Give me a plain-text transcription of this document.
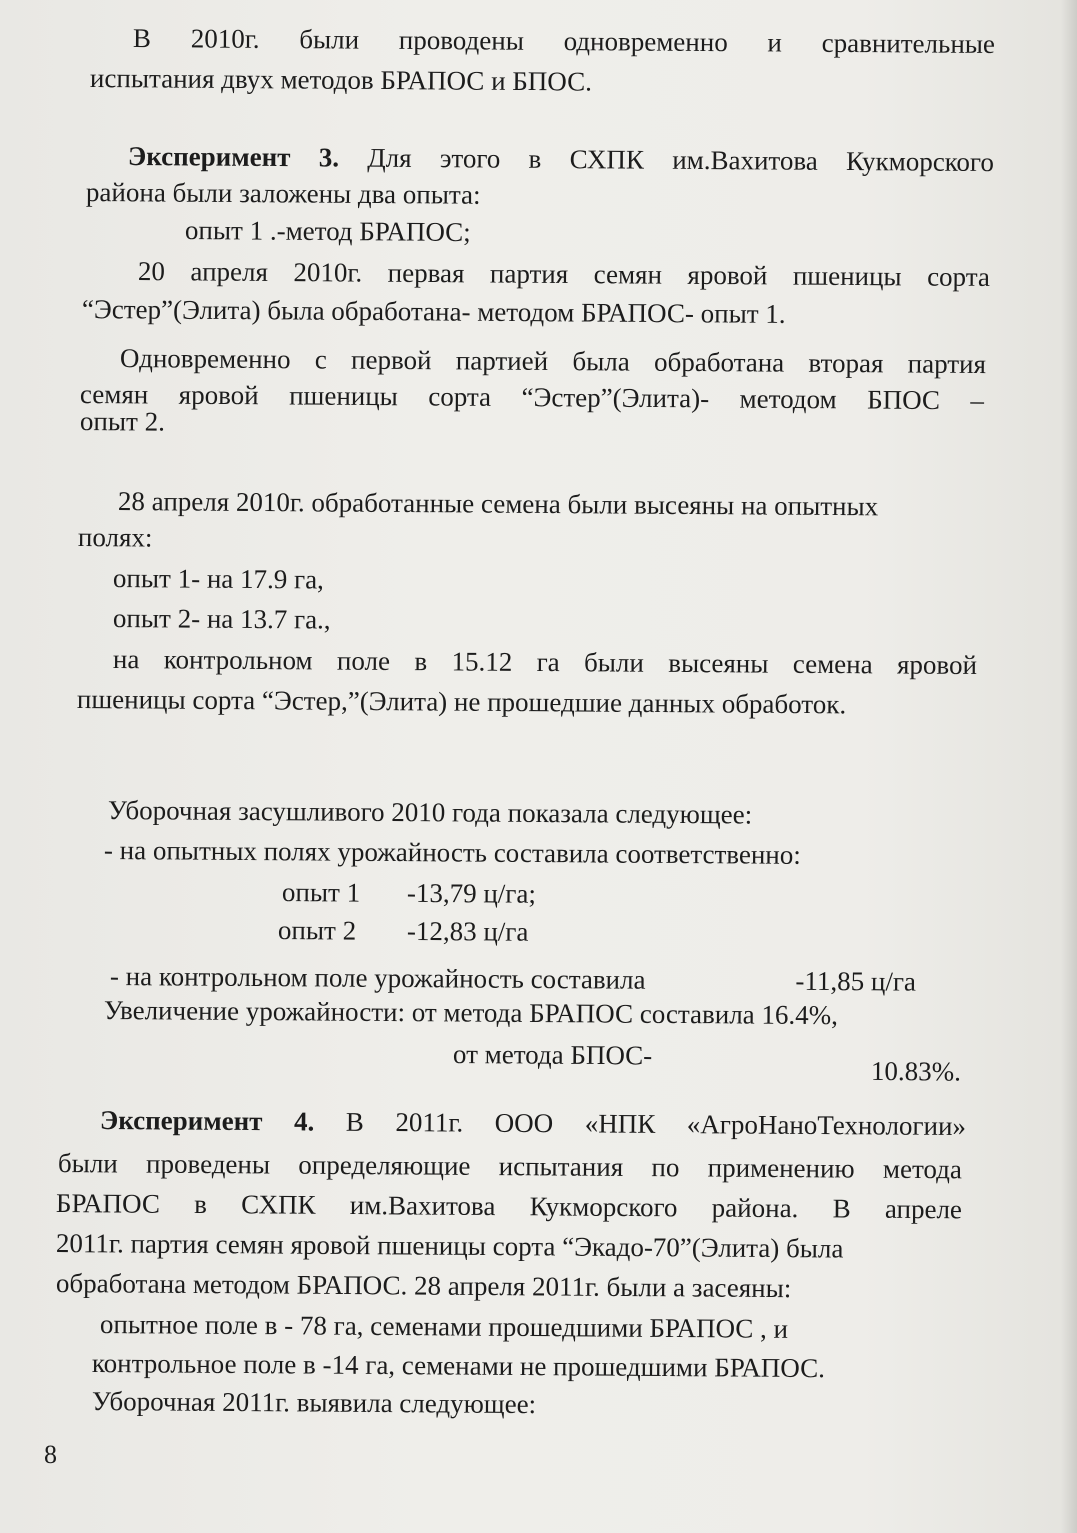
В 2010г. были проводены одновременно и сравнительные
испытания двух методов БРАПОС и БПОС.
Эксперимент 3. Для этого в СХПК им.Вахитова Кукморского
района были заложены два опыта:
опыт 1 .-метод БРАПОС;
20 апреля 2010г. первая партия семян яровой пшеницы сорта
“Эстер”(Элита) была обработана- методом БРАПОС- опыт 1.
Одновременно с первой партией была обработана вторая партия
семян яровой пшеницы сорта “Эстер”(Элита)- методом БПОС –
опыт 2.
28 апреля 2010г. обработанные семена были высеяны на опытных
полях:
опыт 1- на 17.9 га,
опыт 2- на 13.7 га.,
на контрольном поле в 15.12 га были высеяны семена яровой
пшеницы сорта “Эстер,”(Элита) не прошедшие данных обработок.
Уборочная засушливого 2010 года показала следующее:
- на опытных полях урожайность составила соответственно:
опыт 1 -13,79 ц/га;
опыт 2 -12,83 ц/га
- на контрольном поле урожайность составила	-11,85 ц/га
Увеличение урожайности: от метода БРАПОС составила 16.4%,
от метода БПОС-
10.83%.
Эксперимент 4. В 2011г. ООО «НПК «АгроНаноТехнологии»
были проведены определяющие испытания по применению метода
БРАПОС в СХПК им.Вахитова Кукморского района. В апреле
2011г. партия семян яровой пшеницы сорта “Экадо-70”(Элита) была
обработана методом БРАПОС. 28 апреля 2011г. были а засеяны:
опытное поле в - 78 га, семенами прошедшими БРАПОС , и
контрольное поле в -14 га, семенами не прошедшими БРАПОС.
Уборочная 2011г. выявила следующее:
8
